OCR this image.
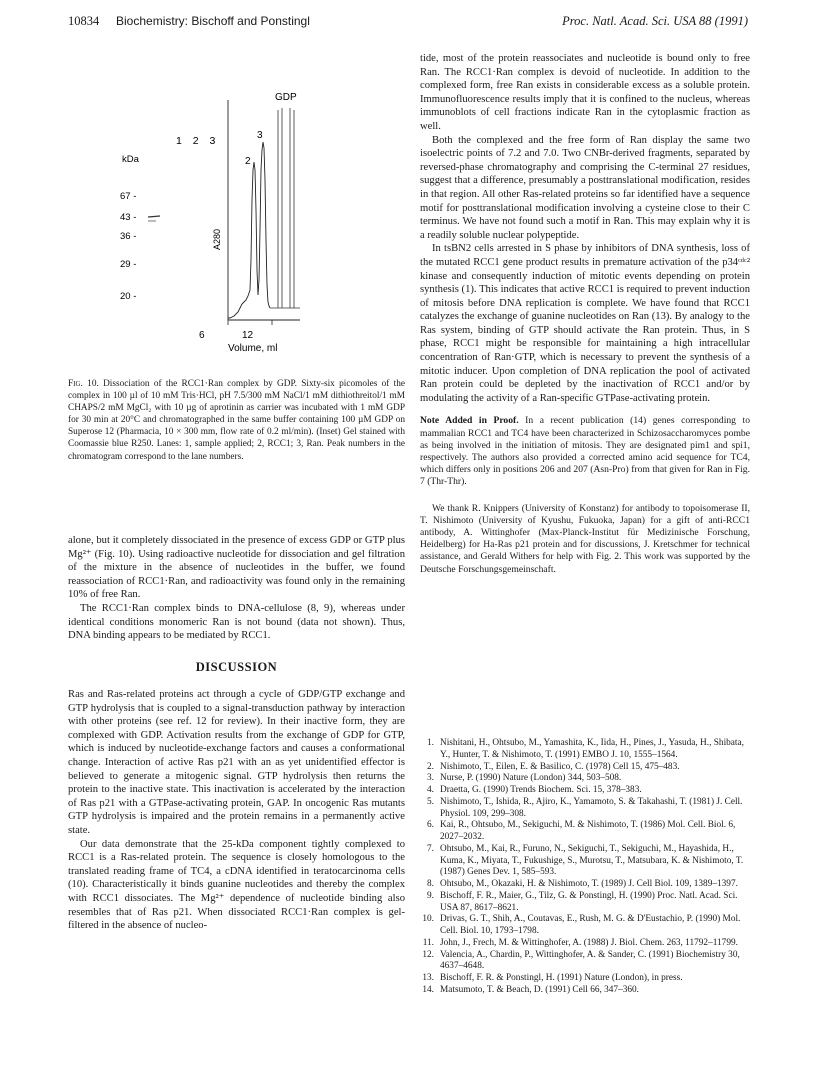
10834 Biochemistry: Bischoff and Ponstingl	Proc. Natl. Acad. Sci. USA 88 (1991)
1 2 3
kDa
67 -
43 -
36 -
29 -
20 -
A280
2
3
GDP
6	12
Volume, ml
Fig. 10. Dissociation of the RCC1·Ran complex by GDP. Sixty-six picomoles of the complex in 100 µl of 10 mM Tris·HCl, pH 7.5/300 mM NaCl/1 mM dithiothreitol/1 mM CHAPS/2 mM MgCl₂ with 10 µg of aprotinin as carrier was incubated with 1 mM GDP for 30 min at 20°C and chromatographed in the same buffer containing 100 µM GDP on Superose 12 (Pharmacia, 10 × 300 mm, flow rate of 0.2 ml/min). (Inset) Gel stained with Coomassie blue R250. Lanes: 1, sample applied; 2, RCC1; 3, Ran. Peak numbers in the chromatogram correspond to the lane numbers.

alone, but it completely dissociated in the presence of excess GDP or GTP plus Mg²⁺ (Fig. 10). Using radioactive nucleotide for dissociation and gel filtration of the mixture in the absence of nucleotides in the buffer, we found reassociation of RCC1·Ran, and radioactivity was found only in the remaining 10% of free Ran.

The RCC1·Ran complex binds to DNA-cellulose (8, 9), whereas under identical conditions monomeric Ran is not bound (data not shown). Thus, DNA binding appears to be mediated by RCC1.

DISCUSSION

Ras and Ras-related proteins act through a cycle of GDP/GTP exchange and GTP hydrolysis that is coupled to a signal-transduction pathway by interaction with other proteins (see ref. 12 for review). In their inactive form, they are complexed with GDP. Activation results from the exchange of GDP for GTP, which is induced by nucleotide-exchange factors and causes a conformational change. Interaction of active Ras p21 with an as yet unidentified effector is believed to generate a mitogenic signal. GTP hydrolysis then returns the protein to the inactive state. This inactivation is accelerated by the interaction of Ras p21 with a GTPase-activating protein, GAP. In oncogenic Ras mutants GTP hydrolysis is impaired and the protein remains in a permanently active state.

Our data demonstrate that the 25-kDa component tightly complexed to RCC1 is a Ras-related protein. The sequence is closely homologous to the translated reading frame of TC4, a cDNA identified in teratocarcinoma cells (10). Characteristically it binds guanine nucleotides and thereby the complex with RCC1 dissociates. The Mg²⁺ dependence of nucleotide binding also resembles that of Ras p21. When dissociated RCC1·Ran complex is gel-filtered in the absence of nucleo-

tide, most of the protein reassociates and nucleotide is bound only to free Ran. The RCC1·Ran complex is devoid of nucleotide. In addition to the complexed form, free Ran exists in considerable excess as a soluble protein. Immunofluorescence results imply that it is confined to the nucleus, whereas immunoblots of cell fractions indicate Ran in the cytoplasmic fraction as well.

Both the complexed and the free form of Ran display the same two isoelectric points of 7.2 and 7.0. Two CNBr-derived fragments, separated by reversed-phase chromatography and comprising the C-terminal 27 residues, suggest that a difference, presumably a posttranslational modification, resides in that region. All other Ras-related proteins so far identified have a sequence motif for posttranslational modification involving a cysteine close to their C terminus. We have not found such a motif in Ran. This may explain why it is a readily soluble nuclear polypeptide.

In tsBN2 cells arrested in S phase by inhibitors of DNA synthesis, loss of the mutated RCC1 gene product results in premature activation of the p34ᶜᵈᶜ² kinase and consequently induction of mitotic events depending on protein synthesis (1). This indicates that active RCC1 is required to prevent induction of mitosis before DNA replication is complete. We have found that RCC1 catalyzes the exchange of guanine nucleotides on Ran (13). By analogy to the Ras system, binding of GTP should activate the Ran protein. Thus, in S phase, RCC1 might be responsible for maintaining a high intracellular concentration of Ran·GTP, which is necessary to prevent the synthesis of a mitotic inducer. Upon completion of DNA replication the pool of activated Ran protein could be depleted by the inactivation of RCC1 and/or by modulating the activity of a Ran-specific GTPase-activating protein.

Note Added in Proof. In a recent publication (14) genes corresponding to mammalian RCC1 and TC4 have been characterized in Schizosaccharomyces pombe as being involved in the initiation of mitosis. They are designated pim1 and spi1, respectively. The authors also provided a corrected amino acid sequence for TC4, which differs only in positions 206 and 207 (Asn-Pro) from that given for Ran in Fig. 7 (Thr-Thr).

We thank R. Knippers (University of Konstanz) for antibody to topoisomerase II, T. Nishimoto (University of Kyushu, Fukuoka, Japan) for a gift of anti-RCC1 antibody, A. Wittinghofer (Max-Planck-Institut für Medizinische Forschung, Heidelberg) for Ha-Ras p21 protein and for discussions, J. Kretschmer for technical assistance, and Gerald Withers for help with Fig. 2. This work was supported by the Deutsche Forschungsgemeinschaft.

1. Nishitani, H., Ohtsubo, M., Yamashita, K., Iida, H., Pines, J., Yasuda, H., Shibata, Y., Hunter, T. & Nishimoto, T. (1991) EMBO J. 10, 1555–1564.
2. Nishimoto, T., Eilen, E. & Basilico, C. (1978) Cell 15, 475–483.
3. Nurse, P. (1990) Nature (London) 344, 503–508.
4. Draetta, G. (1990) Trends Biochem. Sci. 15, 378–383.
5. Nishimoto, T., Ishida, R., Ajiro, K., Yamamoto, S. & Takahashi, T. (1981) J. Cell. Physiol. 109, 299–308.
6. Kai, R., Ohtsubo, M., Sekiguchi, M. & Nishimoto, T. (1986) Mol. Cell. Biol. 6, 2027–2032.
7. Ohtsubo, M., Kai, R., Furuno, N., Sekiguchi, T., Sekiguchi, M., Hayashida, H., Kuma, K., Miyata, T., Fukushige, S., Murotsu, T., Matsubara, K. & Nishimoto, T. (1987) Genes Dev. 1, 585–593.
8. Ohtsubo, M., Okazaki, H. & Nishimoto, T. (1989) J. Cell Biol. 109, 1389–1397.
9. Bischoff, F. R., Maier, G., Tilz, G. & Ponstingl, H. (1990) Proc. Natl. Acad. Sci. USA 87, 8617–8621.
10. Drivas, G. T., Shih, A., Coutavas, E., Rush, M. G. & D'Eustachio, P. (1990) Mol. Cell. Biol. 10, 1793–1798.
11. John, J., Frech, M. & Wittinghofer, A. (1988) J. Biol. Chem. 263, 11792–11799.
12. Valencia, A., Chardin, P., Wittinghofer, A. & Sander, C. (1991) Biochemistry 30, 4637–4648.
13. Bischoff, F. R. & Ponstingl, H. (1991) Nature (London), in press.
14. Matsumoto, T. & Beach, D. (1991) Cell 66, 347–360.
